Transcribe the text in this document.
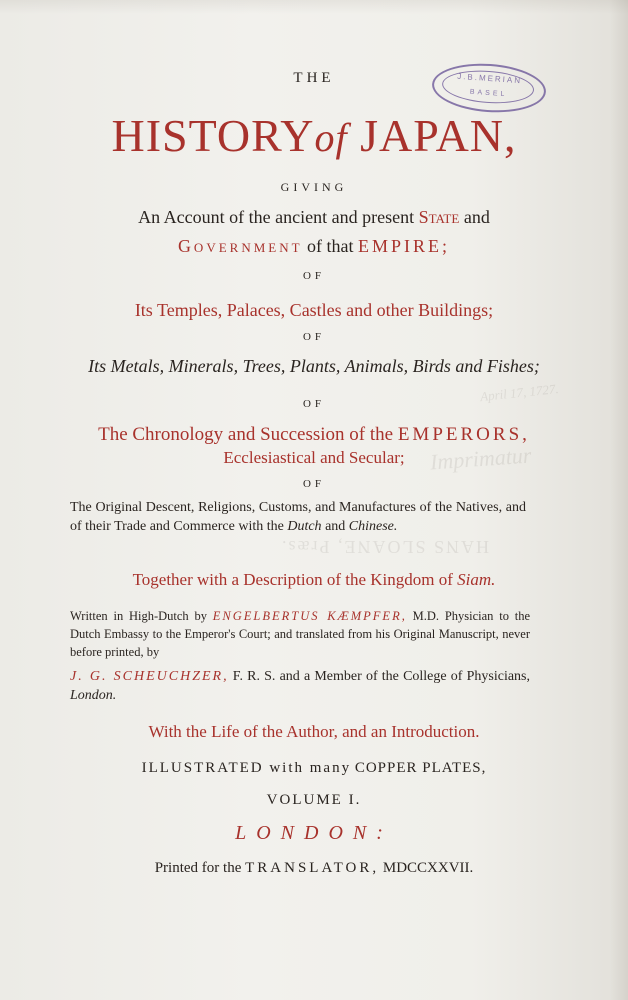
Imprimatur
HANS SLOANE, Præs.
April 17, 1727.
J.B.MERIAN
BASEL
THE
HISTORYof JAPAN,
GIVING
An Account of the ancient and present State and
Government of that EMPIRE;
OF
Its Temples, Palaces, Castles and other Buildings;
OF
Its Metals, Minerals, Trees, Plants, Animals, Birds and Fishes;
OF
The Chronology and Succession of the EMPERORS,
Ecclesiastical and Secular;
OF
The Original Descent, Religions, Customs, and Manufactures of the Natives, and of their Trade and Commerce with the Dutch and Chinese.
Together with a Description of the Kingdom of Siam.
Written in High-Dutch by ENGELBERTUS KÆMPFER, M.D. Physician to the Dutch Embassy to the Emperor's Court; and translated from his Original Manuscript, never before printed, by
J. G. SCHEUCHZER, F. R. S. and a Member of the College of Physicians, London.
With the Life of the Author, and an Introduction.
ILLUSTRATED with many COPPER PLATES,
VOLUME I.
LONDON:
Printed for the TRANSLATOR, MDCCXXVII.
